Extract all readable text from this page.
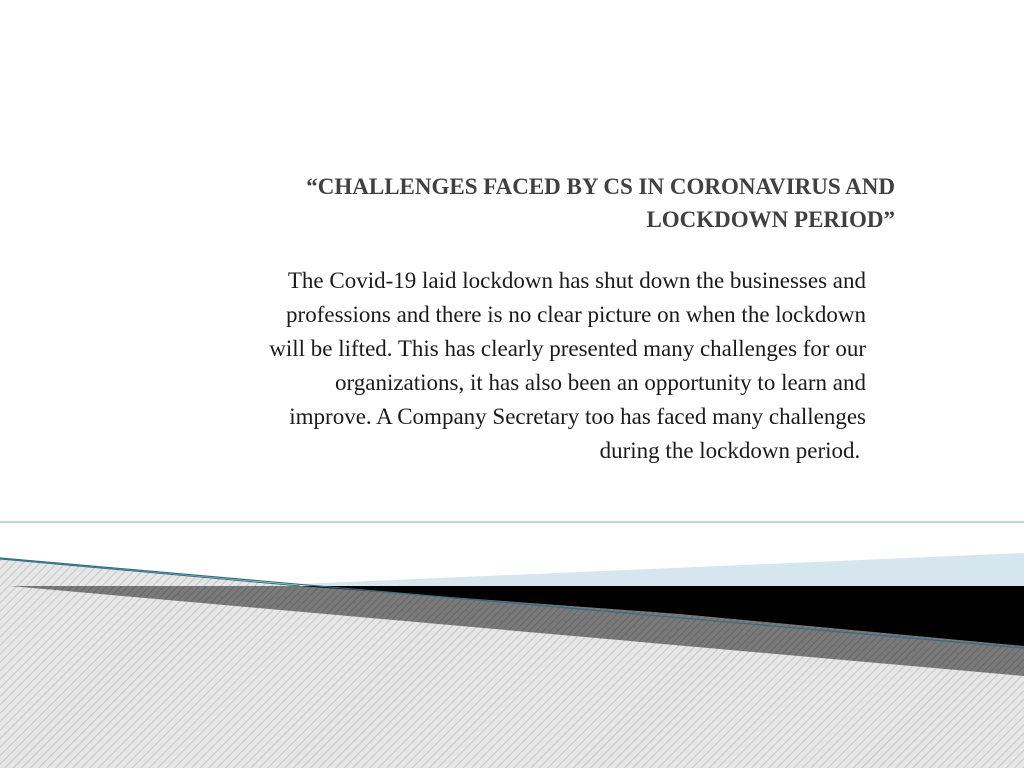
“CHALLENGES FACED BY CS IN CORONAVIRUS AND
LOCKDOWN PERIOD”
The Covid-19 laid lockdown has shut down the businesses and
professions and there is no clear picture on when the lockdown
will be lifted. This has clearly presented many challenges for our
organizations, it has also been an opportunity to learn and
improve. A Company Secretary too has faced many challenges
during the lockdown period.
